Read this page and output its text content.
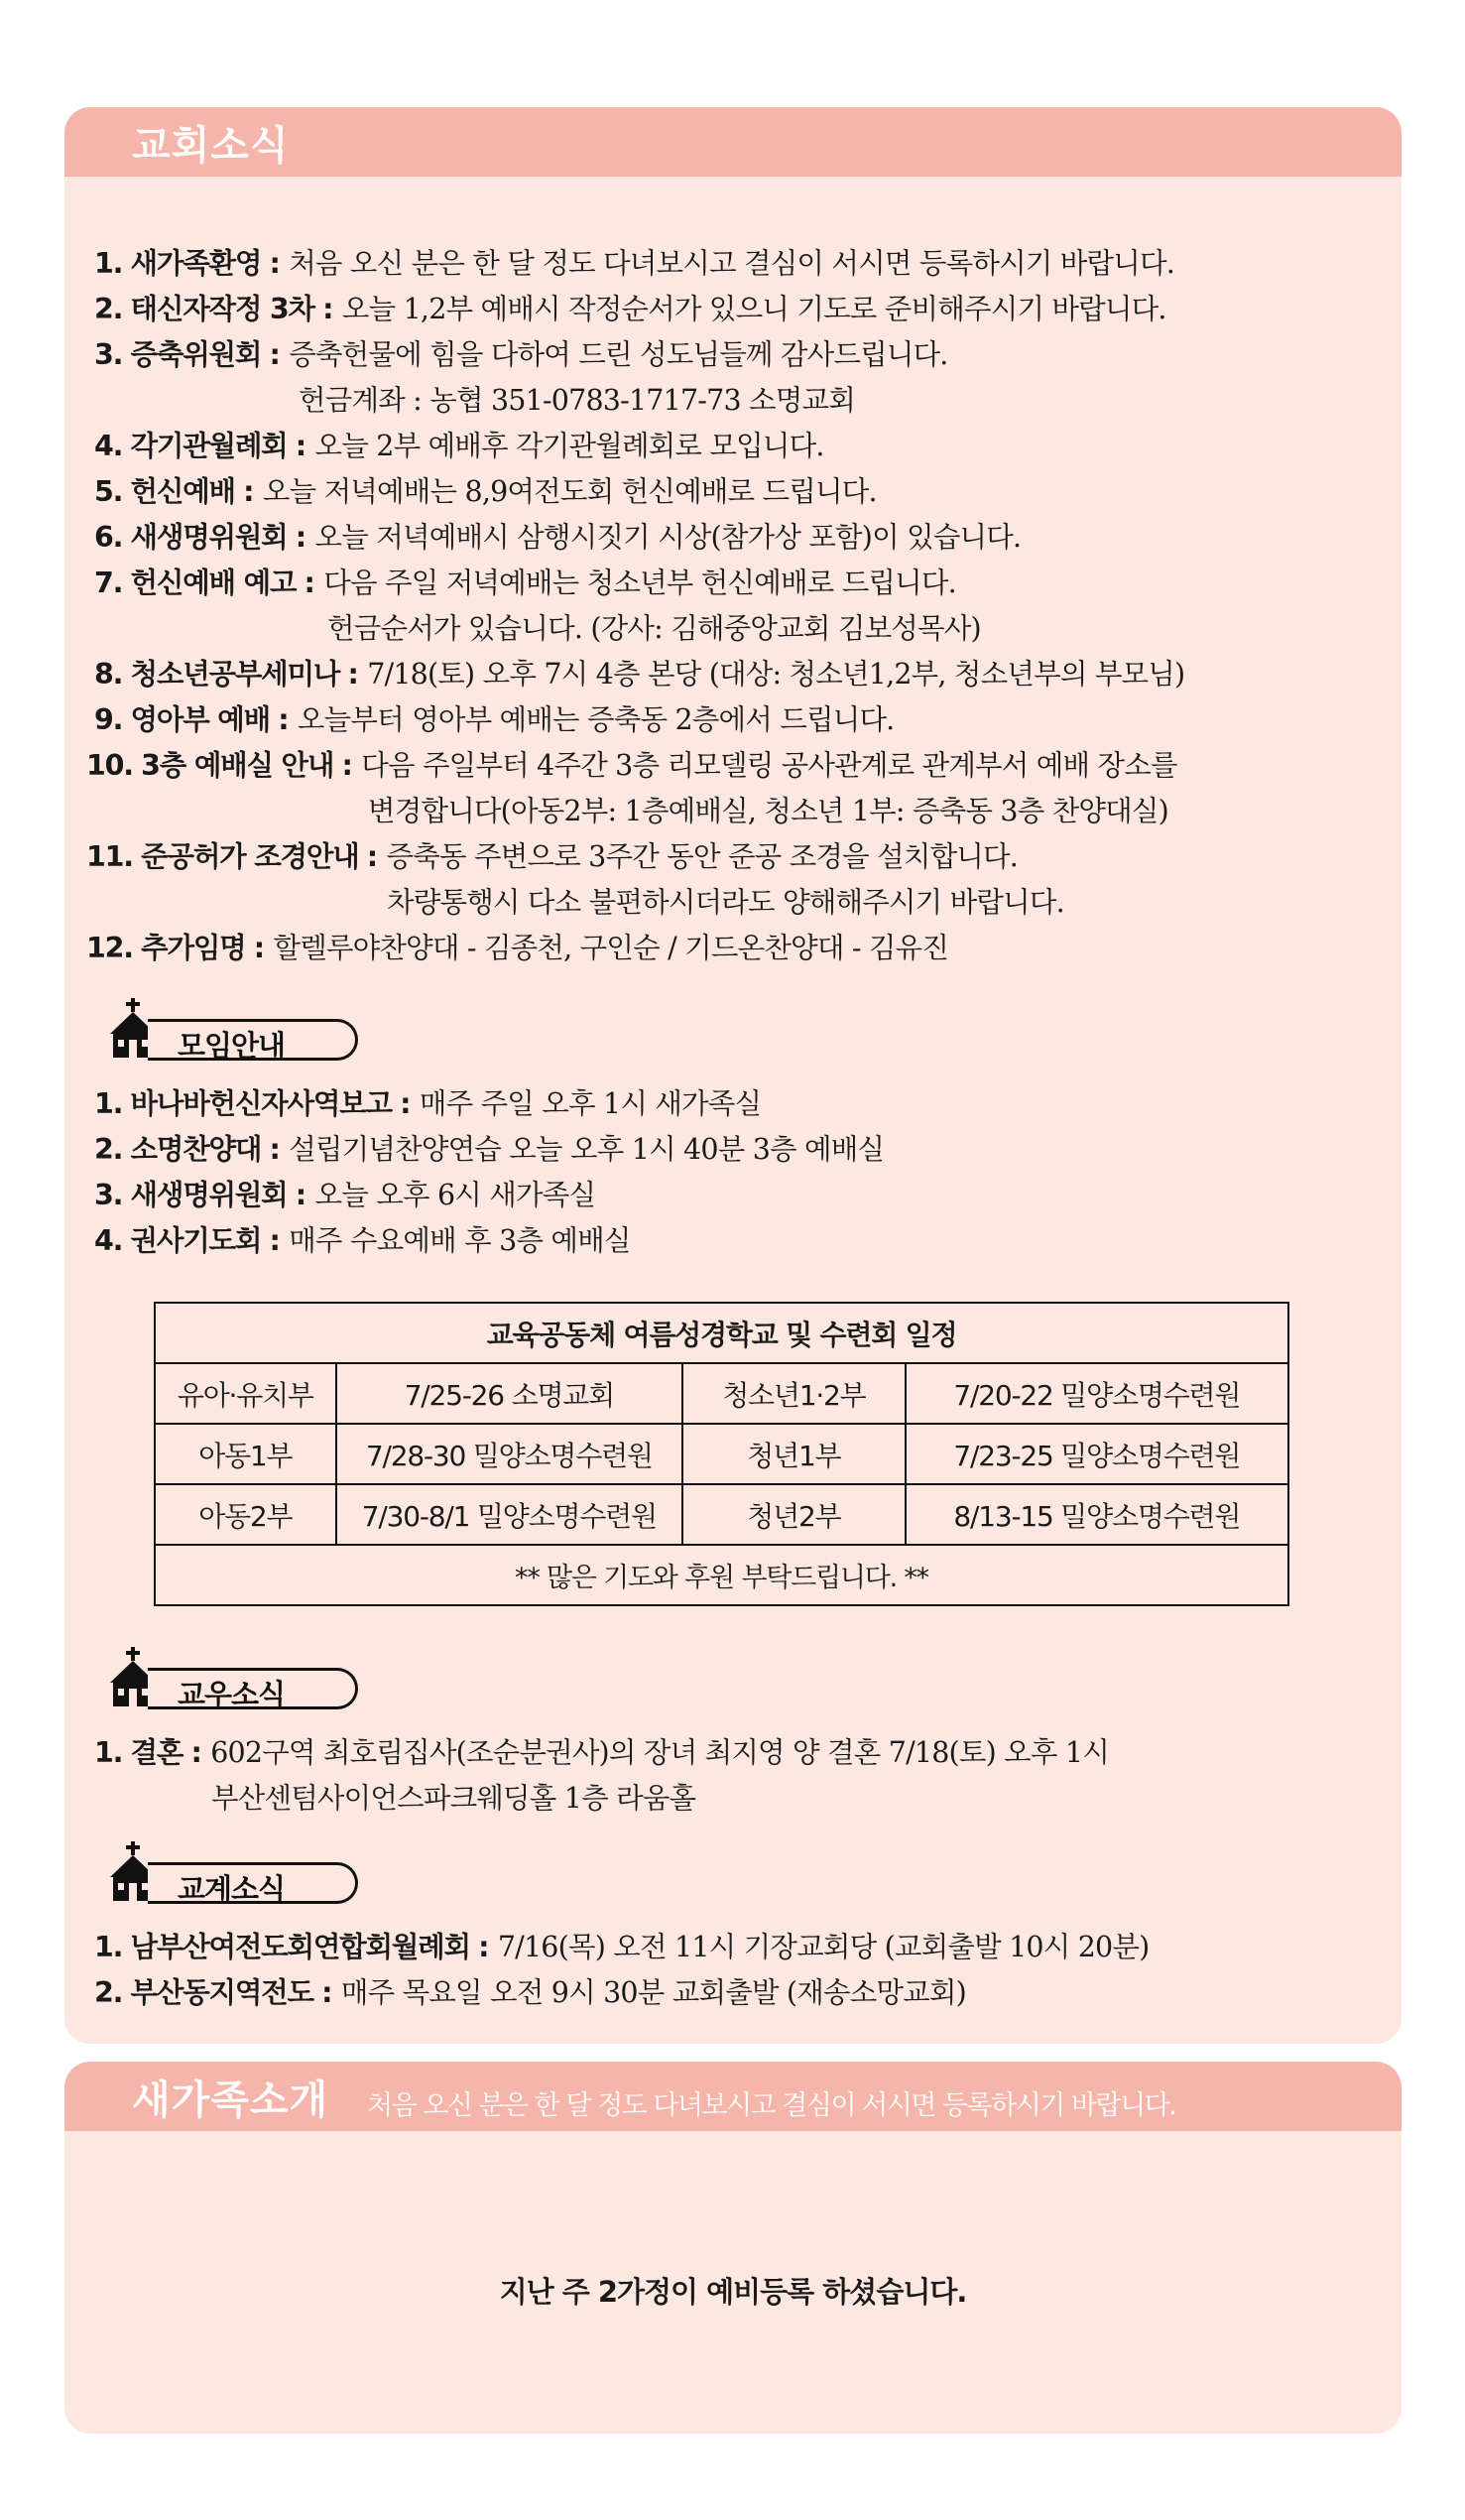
교회소식
1. 새가족환영 : 처음 오신 분은 한 달 정도 다녀보시고 결심이 서시면 등록하시기 바랍니다.
2. 태신자작정 3차 : 오늘 1,2부 예배시 작정순서가 있으니 기도로 준비해주시기 바랍니다.
3. 증축위원회 : 증축헌물에 힘을 다하여 드린 성도님들께 감사드립니다.
헌금계좌 : 농협 351-0783-1717-73 소명교회
4. 각기관월례회 : 오늘 2부 예배후 각기관월례회로 모입니다.
5. 헌신예배 : 오늘 저녁예배는 8,9여전도회 헌신예배로 드립니다.
6. 새생명위원회 : 오늘 저녁예배시 삼행시짓기 시상(참가상 포함)이 있습니다.
7. 헌신예배 예고 : 다음 주일 저녁예배는 청소년부 헌신예배로 드립니다.
헌금순서가 있습니다. (강사: 김해중앙교회 김보성목사)
8. 청소년공부세미나 : 7/18(토) 오후 7시 4층 본당 (대상: 청소년1,2부, 청소년부의 부모님)
9. 영아부 예배 : 오늘부터 영아부 예배는 증축동 2층에서 드립니다.
10. 3층 예배실 안내 : 다음 주일부터 4주간 3층 리모델링 공사관계로 관계부서 예배 장소를
변경합니다(아동2부: 1층예배실, 청소년 1부: 증축동 3층 찬양대실)
11. 준공허가 조경안내 : 증축동 주변으로 3주간 동안 준공 조경을 설치합니다.
차량통행시 다소 불편하시더라도 양해해주시기 바랍니다.
12. 추가임명 : 할렐루야찬양대 - 김종천, 구인순 / 기드온찬양대 - 김유진
모임안내
1. 바나바헌신자사역보고 : 매주 주일 오후 1시 새가족실
2. 소명찬양대 : 설립기념찬양연습 오늘 오후 1시 40분 3층 예배실
3. 새생명위원회 : 오늘 오후 6시 새가족실
4. 권사기도회 : 매주 수요예배 후 3층 예배실
교우소식
1. 결혼 : 602구역 최호림집사(조순분권사)의 장녀 최지영 양 결혼 7/18(토) 오후 1시
부산센텀사이언스파크웨딩홀 1층 라움홀
교계소식
1. 남부산여전도회연합회월례회 : 7/16(목) 오전 11시 기장교회당 (교회출발 10시 20분)
2. 부산동지역전도 : 매주 목요일 오전 9시 30분 교회출발 (재송소망교회)
교육공동체 여름성경학교 및 수련회 일정			
유아·유치부	7/25-26 소명교회	청소년1·2부	7/20-22 밀양소명수련원
아동1부	7/28-30 밀양소명수련원	청년1부	7/23-25 밀양소명수련원
아동2부	7/30-8/1 밀양소명수련원	청년2부	8/13-15 밀양소명수련원
** 많은 기도와 후원 부탁드립니다. **			
새가족소개 처음 오신 분은 한 달 정도 다녀보시고 결심이 서시면 등록하시기 바랍니다.
지난 주 2가정이 예비등록 하셨습니다.
